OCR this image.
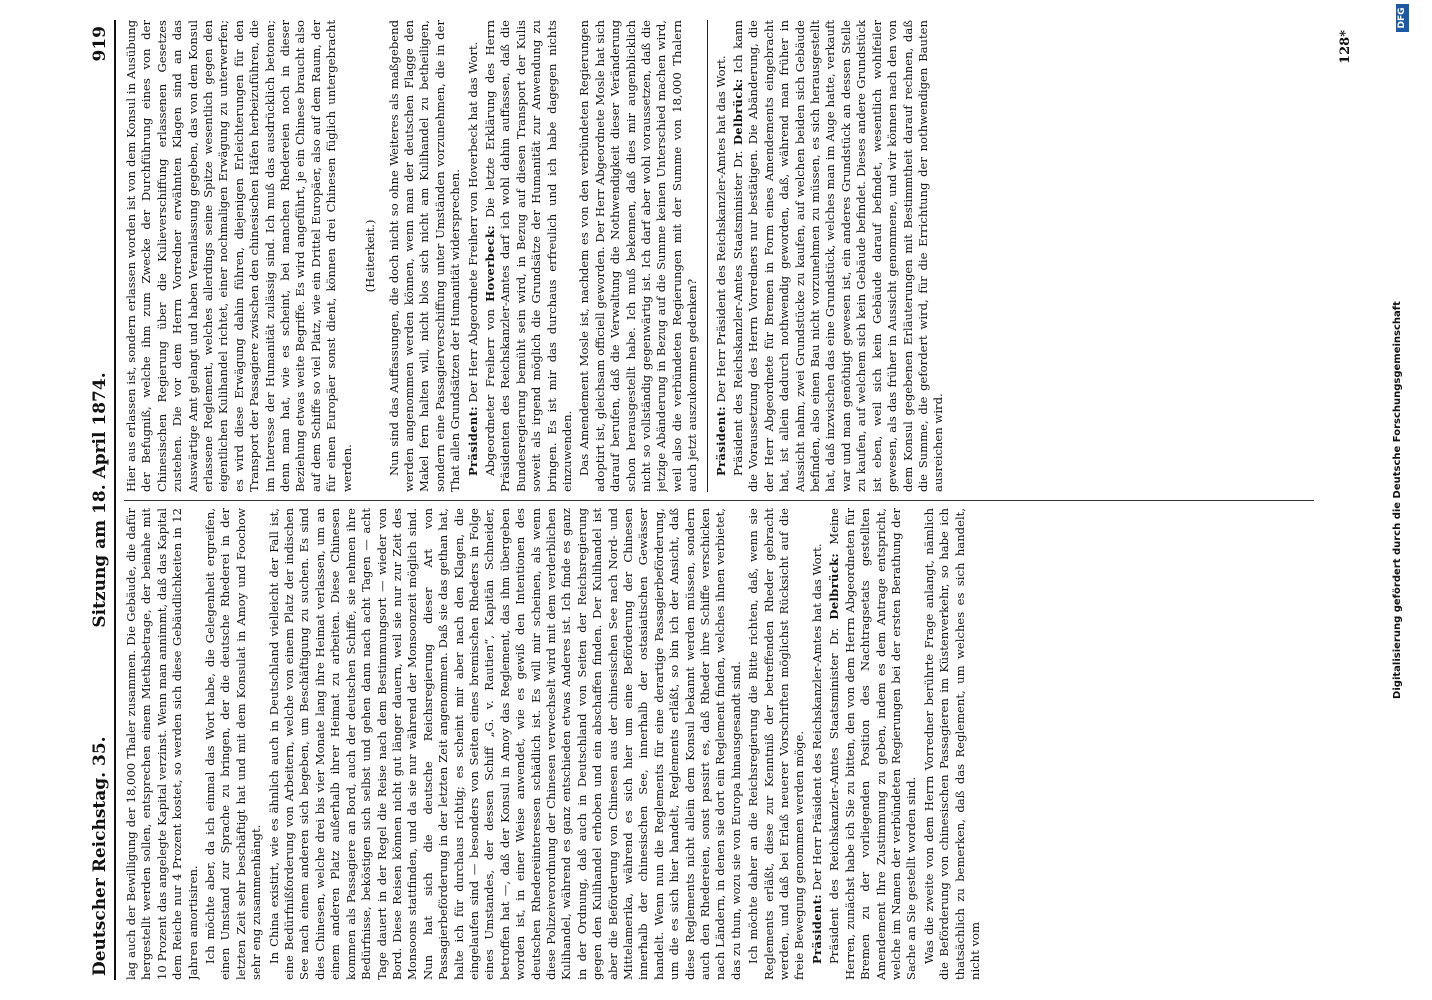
Deutscher Reichstag. 35.
Sitzung am 18. April 1874.
919

lag auch der Bewilligung der 18,000 Thaler zusammen. Die Gebäude, die dafür hergestellt werden sollen, entsprechen einem Miethsbetrage, der beinahe mit 10 Prozent das angelegte Kapital verzinst. Wenn man annimmt, daß das Kapital dem Reiche nur 4 Prozent kostet, so werden sich diese Gebäudlichkeiten in 12 Jahren amortisiren. Ich möchte aber, da ich einmal das Wort habe, die Gelegenheit ergreifen, einen Umstand zur Sprache zu bringen, der die deutsche Rhederei in der letzten Zeit sehr beschäftigt hat und mit dem Konsulat in Amoy und Foochow sehr eng zusammenhängt. In China existirt, wie es ähnlich auch in Deutschland vielleicht der Fall ist, eine Bedürfnißforderung von Arbeitern, welche von einem Platz der indischen See nach einem anderen sich begeben, um Beschäftigung zu suchen. Es sind dies Chinesen, welche drei bis vier Monate lang ihre Heimat verlassen, um an einem anderen Platz außerhalb ihrer Heimat zu arbeiten. Diese Chinesen kommen als Passagiere an Bord, auch der deutschen Schiffe, sie nehmen ihre Bedürfnisse, beköstigen sich selbst und gehen dann nach acht Tagen — acht Tage dauert in der Regel die Reise nach dem Bestimmungsort — wieder von Bord. Diese Reisen können nicht gut länger dauern, weil sie nur zur Zeit des Monsoons stattfinden, und da sie nur während der Monsoonzeit möglich sind. Nun hat sich die deutsche Reichsregierung dieser Art von Passagierbeförderung in der letzten Zeit angenommen. Daß sie das gethan hat, halte ich für durchaus richtig; es scheint mir aber nach den Klagen, die eingelaufen sind — besonders von Seiten eines bremischen Rheders in Folge eines Umstandes, der dessen Schiff „G. v. Rautien“, Kapitän Schneider, betroffen hat —, daß der Konsul in Amoy das Reglement, das ihm übergeben worden ist, in einer Weise anwendet, wie es gewiß den Intentionen des deutschen Rhedereiinteressen schädlich ist. Es will mir scheinen, als wenn diese Polizeiverordnung der Chinesen verwechselt wird mit dem verderblichen Kulihandel, während es ganz entschieden etwas Anderes ist. Ich finde es ganz in der Ordnung, daß auch in Deutschland von Seiten der Reichsregierung gegen den Kulihandel erhoben und ein abschaffen finden. Der Kulihandel ist aber die Beförderung von Chinesen aus der chinesischen See nach Nord- und Mittelamerika, während es sich hier um eine Beförderung der Chinesen innerhalb der chinesischen See, innerhalb der ostasiatischen Gewässer handelt. Wenn nun die Reglements für eine derartige Passagierbeförderung, um die es sich hier handelt, Reglements erläßt, so bin ich der Ansicht, daß diese Reglements nicht allein dem Konsul bekannt werden müssen, sondern auch den Rhedereien, sonst passirt es, daß Rheder ihre Schiffe verschicken nach Ländern, in denen sie dort ein Reglement finden, welches ihnen verbietet, das zu thun, wozu sie von Europa hinausgesandt sind. Ich möchte daher an die Reichsregierung die Bitte richten, daß, wenn sie Reglements erläßt, diese zur Kenntniß der betreffenden Rheder gebracht werden, und daß bei Erlaß neuerer Vorschriften möglichst Rücksicht auf die freie Bewegung genommen werden möge. Präsident: Der Herr Präsident des Reichskanzler-Amtes hat das Wort. Präsident des Reichskanzler-Amtes Staatsminister Dr. Delbrück: Meine Herren, zunächst habe ich Sie zu bitten, den von dem Herrn Abgeordneten für Bremen zu der vorliegenden Position des Nachtragsetats gestellten Amendement Ihre Zustimmung zu geben, indem es dem Antrage entspricht, welche im Namen der verbündeten Regierungen bei der ersten Berathung der Sache an Sie gestellt worden sind. Was die zweite von dem Herrn Vorredner berührte Frage anlangt, nämlich die Beförderung von chinesischen Passagieren im Küstenverkehr, so habe ich thatsächlich zu bemerken, daß das Reglement, um welches es sich handelt, nicht vom

Hier aus erlassen ist, sondern erlassen worden ist von dem Konsul in Ausübung der Befugniß, welche ihm zum Zwecke der Durchführung eines von der Chinesischen Regierung über die Kulieverschiffung erlassenen Gesetzes zustehen. Die vor dem Herrn Vorredner erwähnten Klagen sind an das Auswärtige Amt gelangt und haben Veranlassung gegeben, das von dem Konsul erlassene Reglement, welches allerdings seine Spitze wesentlich gegen den eigentlichen Kulihandel richtet, einer nochmaligen Erwägung zu unterwerfen; es wird diese Erwägung dahin führen, diejenigen Erleichterungen für den Transport der Passagiere zwischen den chinesischen Häfen herbeizuführen, die im Interesse der Humanität zulässig sind. Ich muß das ausdrücklich betonen; denn man hat, wie es scheint, bei manchen Rhedereien noch in dieser Beziehung etwas weite Begriffe. Es wird angeführt, je ein Chinese braucht also auf dem Schiffe so viel Platz, wie ein Drittel Europäer, also auf dem Raum, der für einen Europäer sonst dient, können drei Chinesen füglich untergebracht werden.

(Heiterkeit.) Nun sind das Auffassungen, die doch nicht so ohne Weiteres als maßgebend werden angenommen werden können, wenn man der deutschen Flagge den Makel fern halten will, nicht blos sich nicht am Kulihandel zu betheiligen, sondern eine Passagierverschiffung unter Umständen vorzunehmen, die in der That allen Grundsätzen der Humanität widersprechen. Präsident: Der Herr Abgeordnete Freiherr von Hoverbeck hat das Wort. Abgeordneter Freiherr von Hoverbeck: Die letzte Erklärung des Herrn Präsidenten des Reichskanzler-Amtes darf ich wohl dahin auffassen, daß die Bundesregierung bemüht sein wird, in Bezug auf diesen Transport der Kulis soweit als irgend möglich die Grundsätze der Humanität zur Anwendung zu bringen. Es ist mir das durchaus erfreulich und ich habe dagegen nichts einzuwenden. Das Amendement Mosle ist, nachdem es von den verbündeten Regierungen adoptirt ist, gleichsam officiell geworden. Der Herr Abgeordnete Mosle hat sich darauf berufen, daß die Verwaltung die Nothwendigkeit dieser Veränderung schon herausgestellt habe. Ich muß bekennen, daß dies mir augenblicklich nicht so vollständig gegenwärtig ist. Ich darf aber wohl voraussetzen, daß die jetzige Abänderung in Bezug auf die Summe keinen Unterschied machen wird, weil also die verbündeten Regierungen mit der Summe von 18,000 Thalern auch jetzt auszukommen gedenken? Präsident: Der Herr Präsident des Reichskanzler-Amtes hat das Wort. Präsident des Reichskanzler-Amtes Staatsminister Dr. Delbrück: Ich kann die Voraussetzung des Herrn Vorredners nur bestätigen. Die Abänderung, die der Herr Abgeordnete für Bremen in Form eines Amendements eingebracht hat, ist allein dadurch nothwendig geworden, daß, während man früher in Aussicht nahm, zwei Grundstücke zu kaufen, auf welchen beiden sich Gebäude befinden, also einen Bau nicht vorzunehmen zu müssen, es sich herausgestellt hat, daß inzwischen das eine Grundstück, welches man im Auge hatte, verkauft war und man genöthigt gewesen ist, ein anderes Grundstück an dessen Stelle zu kaufen, auf welchem sich kein Gebäude befindet. Dieses andere Grundstück ist eben, weil sich kein Gebäude darauf befindet, wesentlich wohlfeiler gewesen, als das früher in Aussicht genommene, und wir können nach den von dem Konsul gegebenen Erläuterungen mit Bestimmtheit darauf rechnen, daß die Summe, die gefordert wird, für die Errichtung der nothwendigen Bauten ausreichen wird.

128*
Digitalisierung gefördert durch die Deutsche Forschungsgemeinschaft
DFG
